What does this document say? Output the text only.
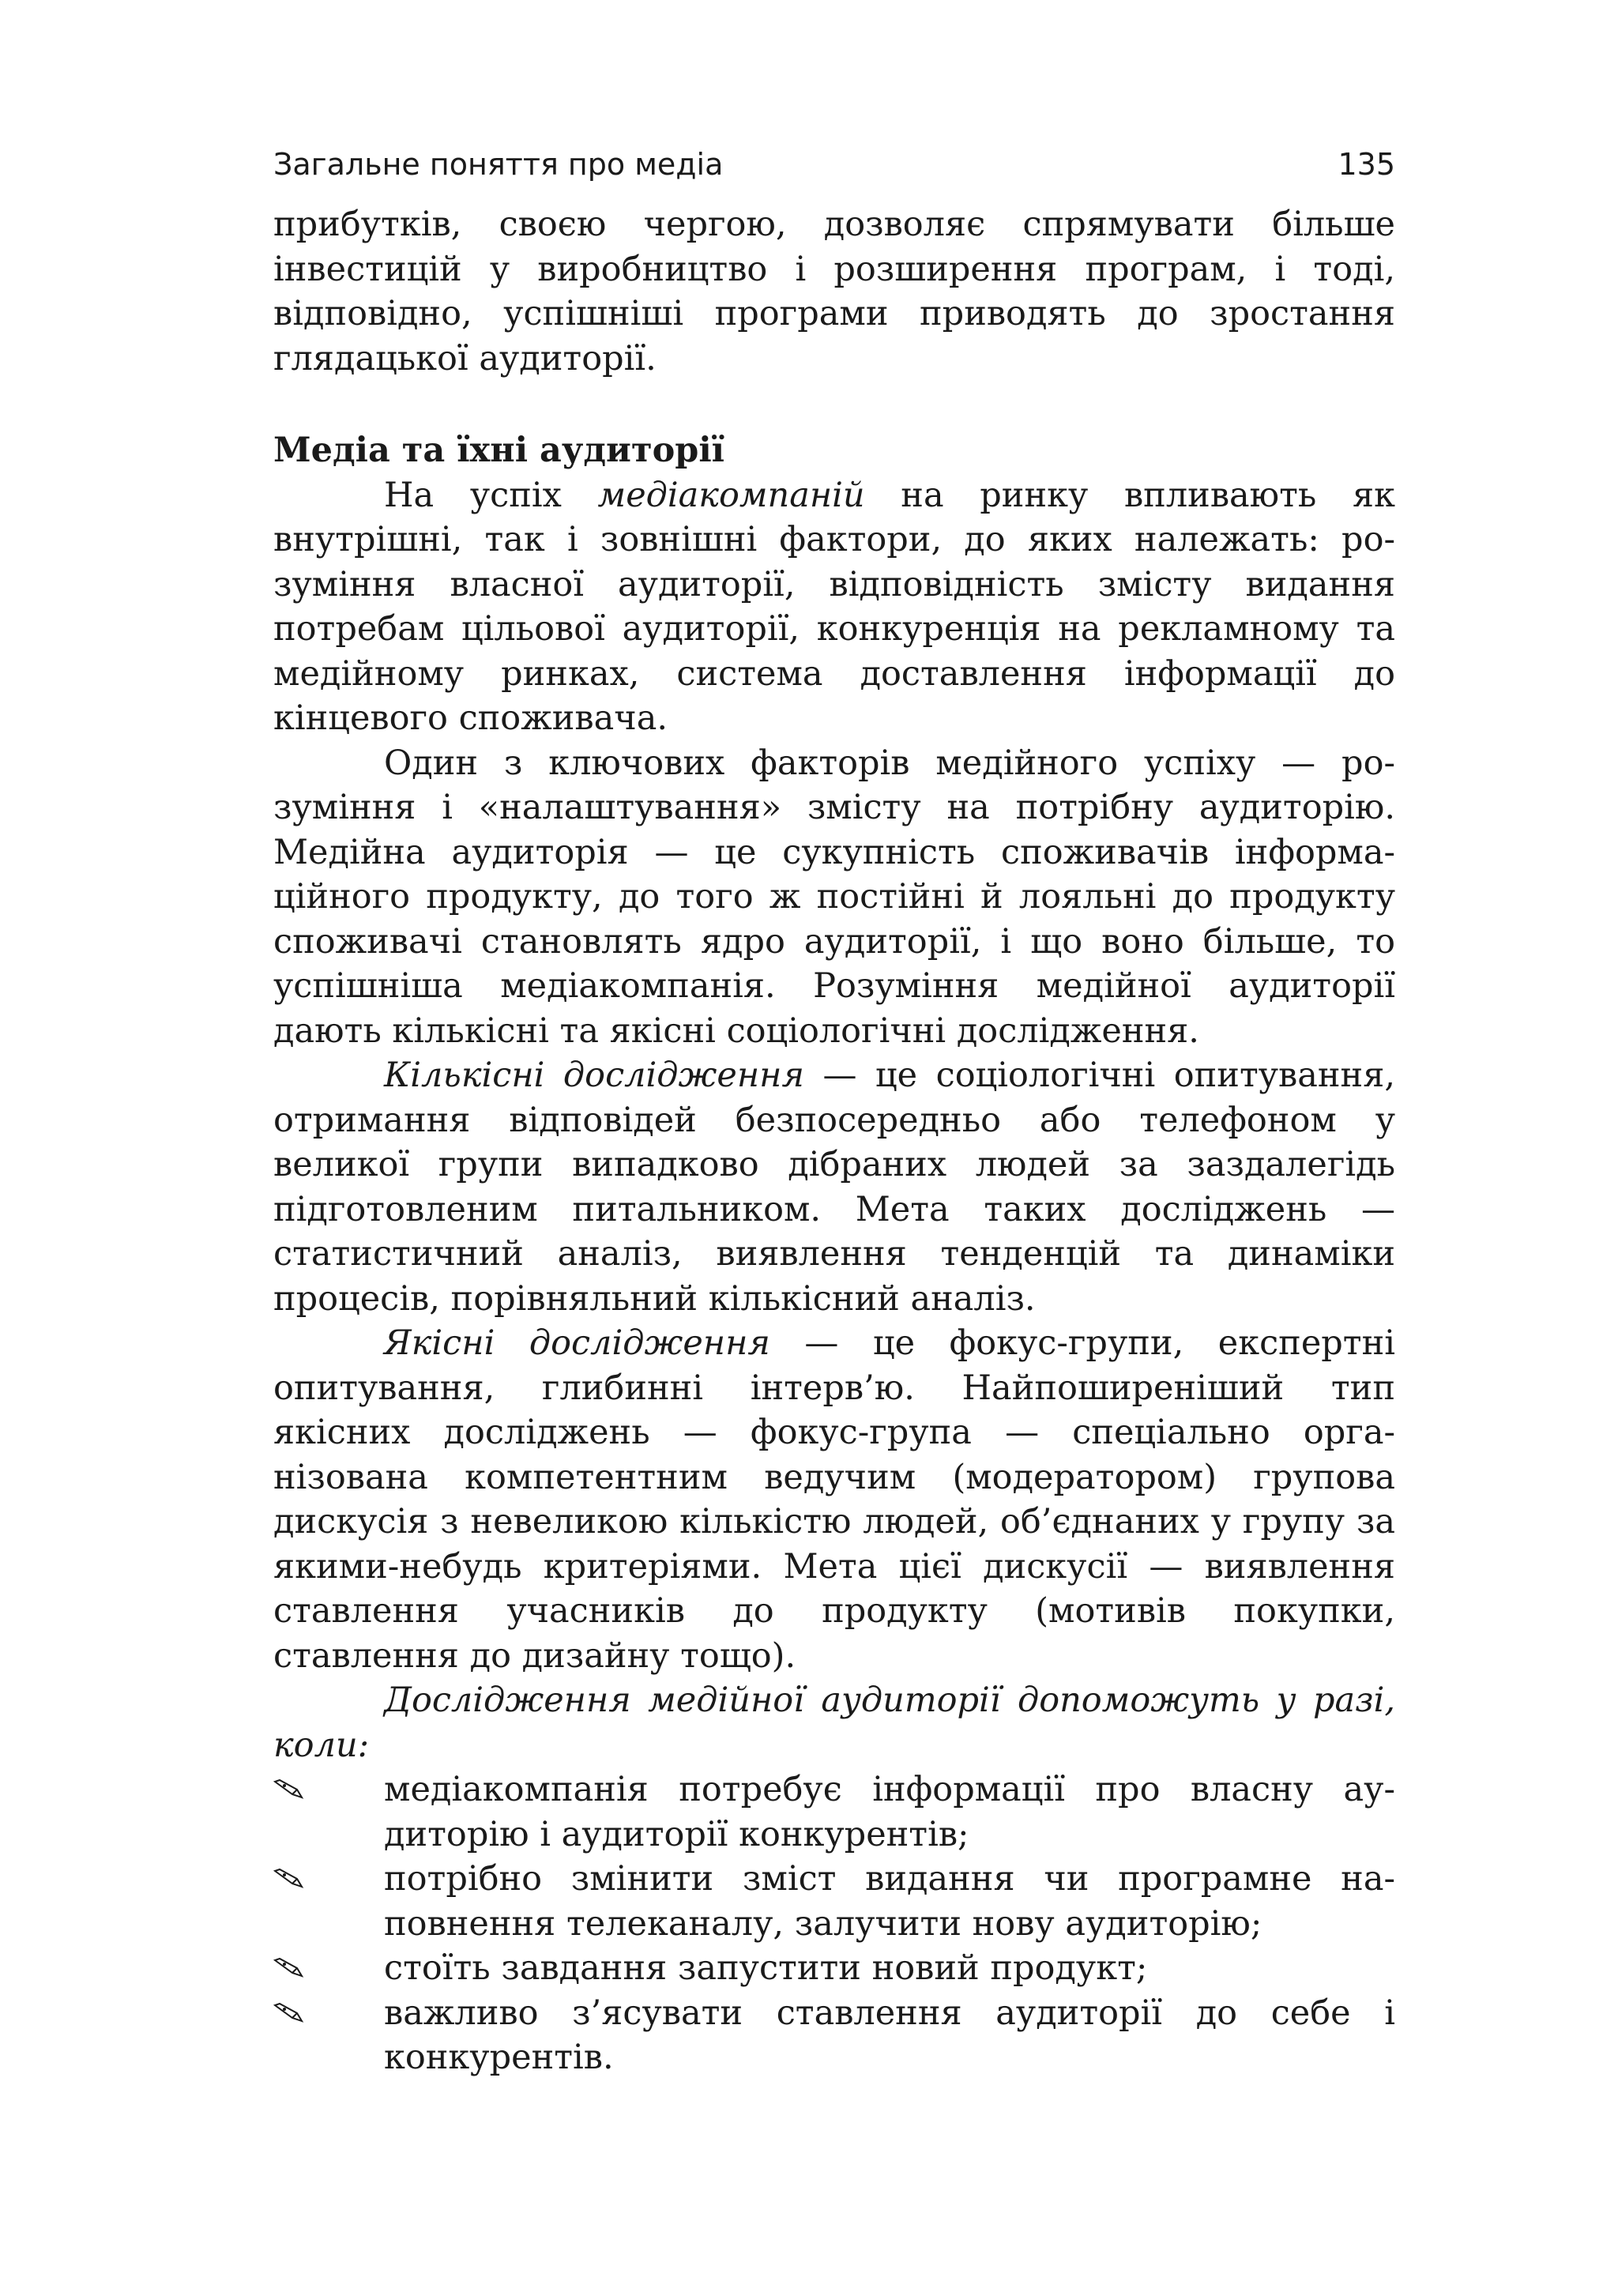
Загальне поняття про медіа	135

прибутків, своєю чергою, дозволяє спрямувати більше інвестицій у виробництво і розширення програм, і тоді, відповідно, успішніші програми приводять до зростання глядацької аудиторії.

Медіа та їхні аудиторії

На успіх медіакомпаній на ринку впливають як внутрішні, так і зовнішні фактори, до яких належать: розуміння власної аудиторії, відповідність змісту видання потребам цільової аудиторії, конкуренція на рекламному та медійному ринках, система доставлення інформації до кінцевого споживача.

Один з ключових факторів медійного успіху — розуміння і «налаштування» змісту на потрібну аудиторію. Медійна аудиторія — це сукупність споживачів інформаційного продукту, до того ж постійні й лояльні до продукту споживачі становлять ядро аудиторії, і що воно більше, то успішніша медіакомпанія. Розуміння медійної аудиторії дають кількісні та якісні соціологічні дослідження.

Кількісні дослідження — це соціологічні опитування, отримання відповідей безпосередньо або телефоном у великої групи випадково дібраних людей за заздалегідь підготовленим питальником. Мета таких досліджень — статистичний аналіз, виявлення тенденцій та динаміки процесів, порівняльний кількісний аналіз.

Якісні дослідження — це фокус-групи, експертні опитування, глибинні інтерв’ю. Найпоширеніший тип якісних досліджень — фокус-група — спеціально організована компетентним ведучим (модератором) групова дискусія з невеликою кількістю людей, об’єднаних у групу за якими-небудь критеріями. Мета цієї дискусії — виявлення ставлення учасників до продукту (мотивів покупки, ставлення до дизайну тощо).

Дослідження медійної аудиторії допоможуть у разі, коли:

медіакомпанія потребує інформації про власну аудиторію і аудиторії конкурентів;
потрібно змінити зміст видання чи програмне наповнення телеканалу, залучити нову аудиторію;
стоїть завдання запустити новий продукт;
важливо з’ясувати ставлення аудиторії до себе і конкурентів.
